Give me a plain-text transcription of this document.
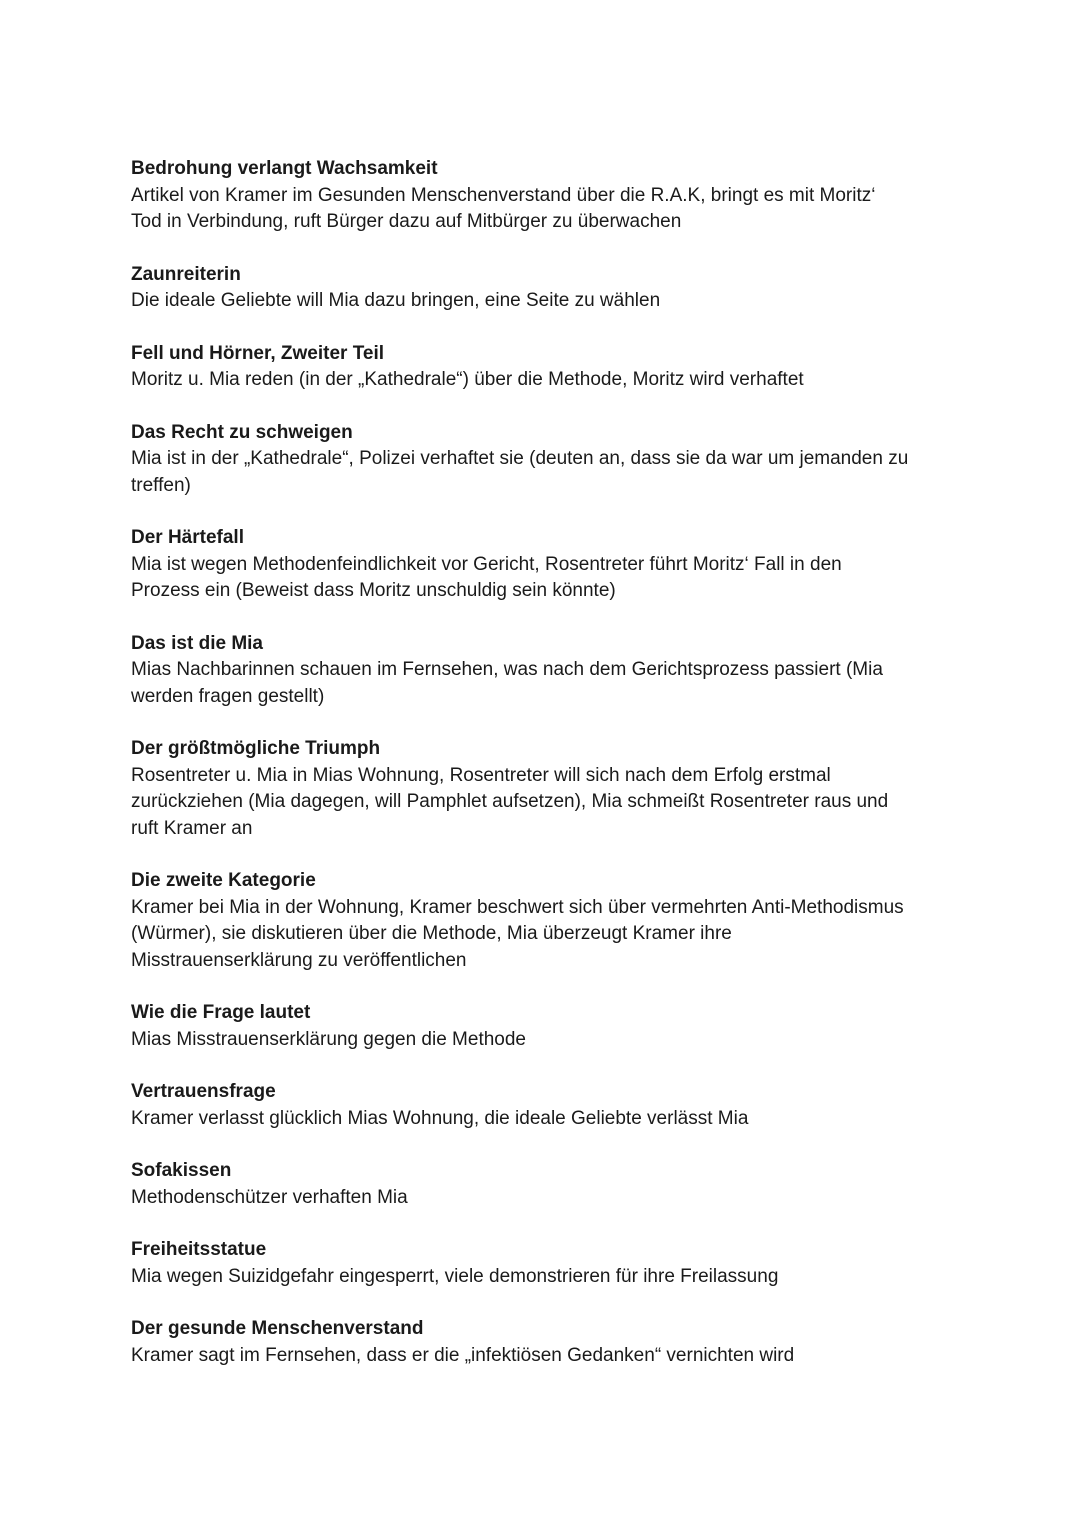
Bedrohung verlangt Wachsamkeit

Artikel von Kramer im Gesunden Menschenverstand über die R.A.K, bringt es mit Moritz‘

Tod in Verbindung, ruft Bürger dazu auf Mitbürger zu überwachen

Zaunreiterin

Die ideale Geliebte will Mia dazu bringen, eine Seite zu wählen

Fell und Hörner, Zweiter Teil

Moritz u. Mia reden (in der „Kathedrale“) über die Methode, Moritz wird verhaftet

Das Recht zu schweigen

Mia ist in der „Kathedrale“, Polizei verhaftet sie (deuten an, dass sie da war um jemanden zu

treffen)

Der Härtefall

Mia ist wegen Methodenfeindlichkeit vor Gericht, Rosentreter führt Moritz‘ Fall in den

Prozess ein (Beweist dass Moritz unschuldig sein könnte)

Das ist die Mia

Mias Nachbarinnen schauen im Fernsehen, was nach dem Gerichtsprozess passiert (Mia

werden fragen gestellt)

Der größtmögliche Triumph

Rosentreter u. Mia in Mias Wohnung, Rosentreter will sich nach dem Erfolg erstmal

zurückziehen (Mia dagegen, will Pamphlet aufsetzen), Mia schmeißt Rosentreter raus und

ruft Kramer an

Die zweite Kategorie

Kramer bei Mia in der Wohnung, Kramer beschwert sich über vermehrten Anti-Methodismus

(Würmer), sie diskutieren über die Methode, Mia überzeugt Kramer ihre

Misstrauenserklärung zu veröffentlichen

Wie die Frage lautet

Mias Misstrauenserklärung gegen die Methode

Vertrauensfrage

Kramer verlasst glücklich Mias Wohnung, die ideale Geliebte verlässt Mia

Sofakissen

Methodenschützer verhaften Mia

Freiheitsstatue

Mia wegen Suizidgefahr eingesperrt, viele demonstrieren für ihre Freilassung

Der gesunde Menschenverstand

Kramer sagt im Fernsehen, dass er die „infektiösen Gedanken“ vernichten wird
